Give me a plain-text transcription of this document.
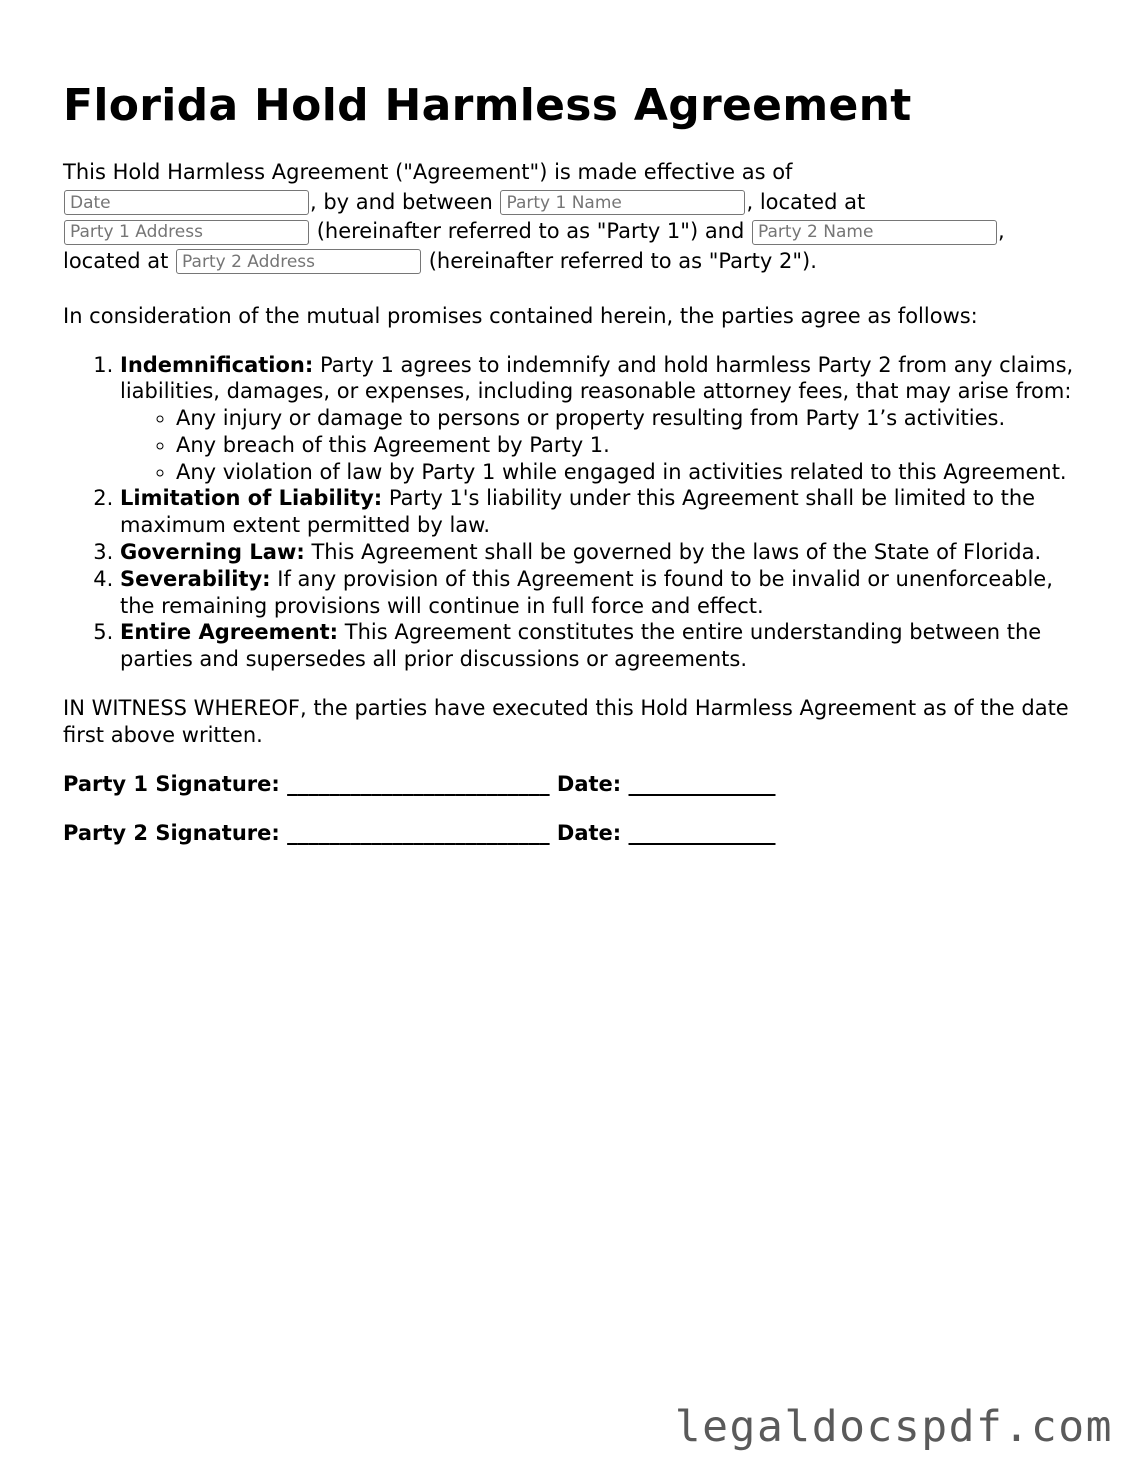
Florida Hold Harmless Agreement

This Hold Harmless Agreement ("Agreement") is made effective as of
Date, by and between Party 1 Name	, located at
Party 1 Address (hereinafter referred to as "Party 1") and Party 2 Name	,
located at Party 2 Address	(hereinafter referred to as "Party 2").

In consideration of the mutual promises contained herein, the parties agree as follows:

1. Indemnification: Party 1 agrees to indemnify and hold harmless Party 2 from any claims, liabilities, damages, or expenses, including reasonable attorney fees, that may arise from:
◦ Any injury or damage to persons or property resulting from Party 1’s activities.
◦ Any breach of this Agreement by Party 1.
◦ Any violation of law by Party 1 while engaged in activities related to this Agreement.
2. Limitation of Liability: Party 1's liability under this Agreement shall be limited to the maximum extent permitted by law.
3. Governing Law: This Agreement shall be governed by the laws of the State of Florida.
4. Severability: If any provision of this Agreement is found to be invalid or unenforceable, the remaining provisions will continue in full force and effect.
5. Entire Agreement: This Agreement constitutes the entire understanding between the parties and supersedes all prior discussions or agreements.

IN WITNESS WHEREOF, the parties have executed this Hold Harmless Agreement as of the date first above written.

Party 1 Signature: _________________________ Date: ______________
Party 2 Signature: _________________________ Date: ______________
legaldocspdf.com
